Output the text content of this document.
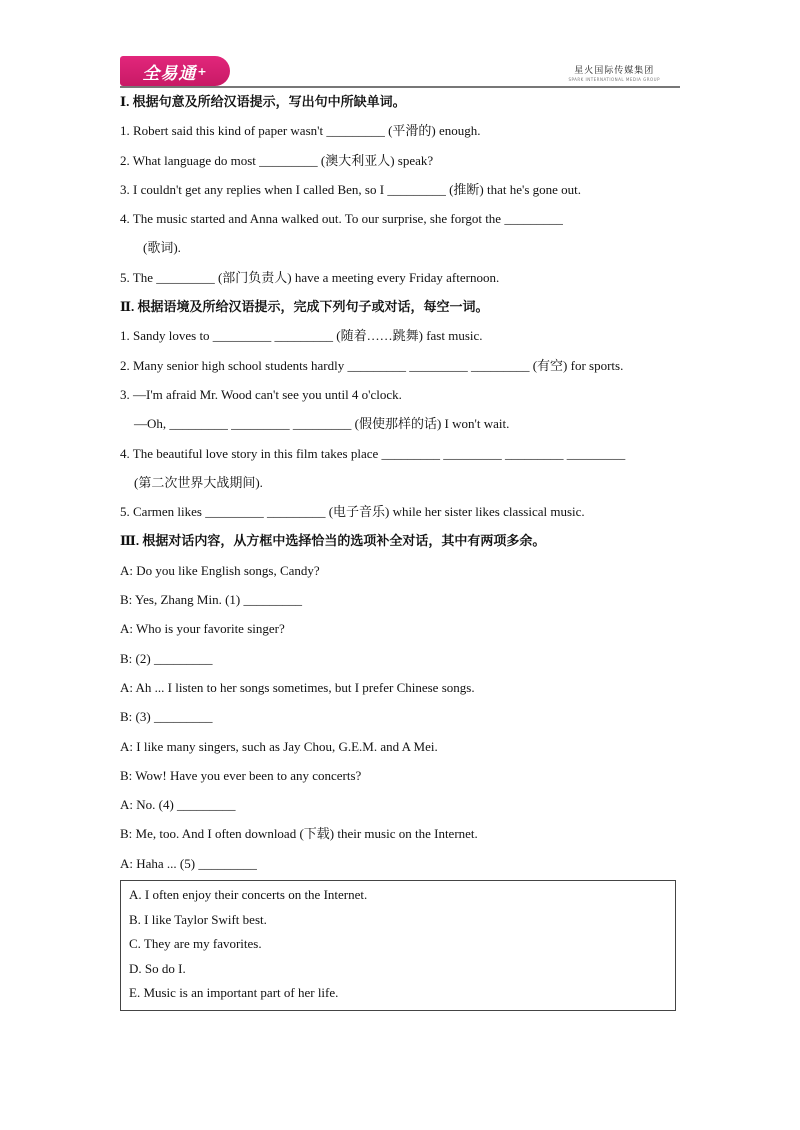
全易通 +	星火国际传媒集团
SPARK INTERNATIONAL MEDIA GROUP
Ⅰ. 根据句意及所给汉语提示，写出句中所缺单词。
1. Robert said this kind of paper wasn't _________ (平滑的) enough.
2. What language do most _________ (澳大利亚人) speak?
3. I couldn't get any replies when I called Ben, so I _________ (推断) that he's gone out.
4. The music started and Anna walked out. To our surprise, she forgot the _________
(歌词).
5. The _________ (部门负责人) have a meeting every Friday afternoon.
Ⅱ. 根据语境及所给汉语提示，完成下列句子或对话，每空一词。
1. Sandy loves to _________ _________ (随着……跳舞) fast music.
2. Many senior high school students hardly _________ _________ _________ (有空) for sports.
3. —I'm afraid Mr. Wood can't see you until 4 o'clock.
—Oh, _________ _________ _________ (假使那样的话) I won't wait.
4. The beautiful love story in this film takes place _________ _________ _________ _________
(第二次世界大战期间).
5. Carmen likes _________ _________ (电子音乐) while her sister likes classical music.
Ⅲ. 根据对话内容，从方框中选择恰当的选项补全对话，其中有两项多余。
A: Do you like English songs, Candy?
B: Yes, Zhang Min. (1) _________
A: Who is your favorite singer?
B: (2) _________
A: Ah ... I listen to her songs sometimes, but I prefer Chinese songs.
B: (3) _________
A: I like many singers, such as Jay Chou, G.E.M. and A Mei.
B: Wow! Have you ever been to any concerts?
A: No. (4) _________
B: Me, too. And I often download (下载) their music on the Internet.
A: Haha ... (5) _________
A. I often enjoy their concerts on the Internet.
B. I like Taylor Swift best.
C. They are my favorites.
D. So do I.
E. Music is an important part of her life.
